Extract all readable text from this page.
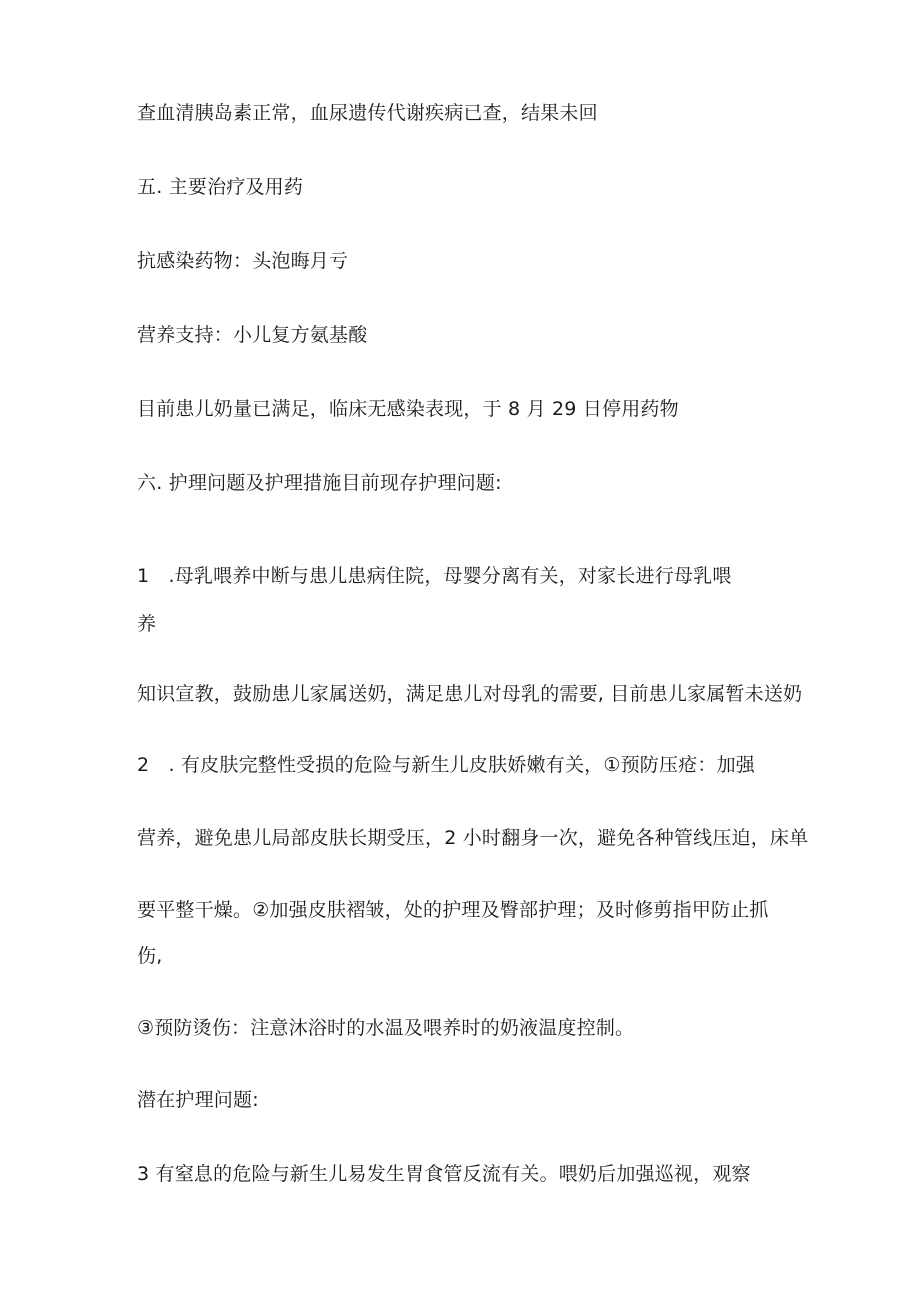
查血清胰岛素正常，血尿遗传代谢疾病已查，结果未回
五. 主要治疗及用药
抗感染药物：头泡晦月亏
营养支持：小儿复方氨基酸
目前患儿奶量已满足，临床无感染表现，于 8 月 29 日停用药物
六. 护理问题及护理措施目前现存护理问题:
1　.母乳喂养中断与患儿患病住院，母婴分离有关，对家长进行母乳喂
养
知识宣教，鼓励患儿家属送奶，满足患儿对母乳的需要, 目前患儿家属暂未送奶
2　. 有皮肤完整性受损的危险与新生儿皮肤娇嫩有关，①预防压疮：加强
营养，避免患儿局部皮肤长期受压，2 小时翻身一次，避免各种管线压迫，床单
要平整干燥。②加强皮肤褶皱，处的护理及臀部护理；及时修剪指甲防止抓
伤,
③预防烫伤：注意沐浴时的水温及喂养时的奶液温度控制。
潜在护理问题:
3 有窒息的危险与新生儿易发生胃食管反流有关。喂奶后加强巡视，观察
